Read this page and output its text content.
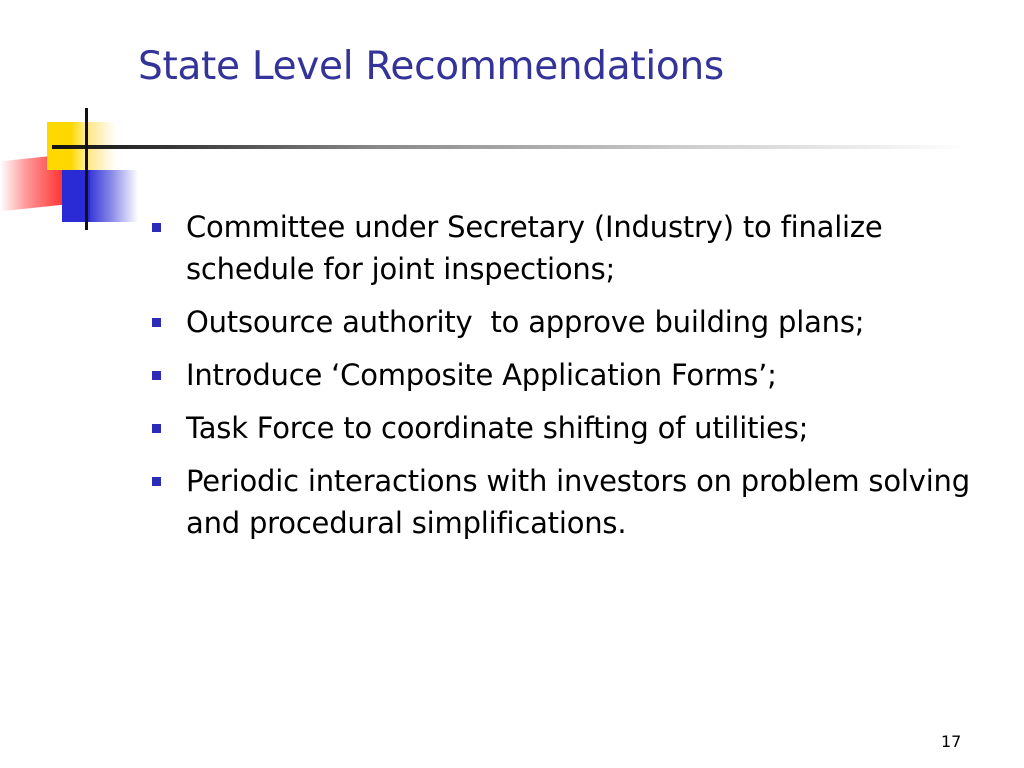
State Level Recommendations
Committee under Secretary (Industry) to finalize schedule for joint inspections;
Outsource authority  to approve building plans;
Introduce ‘Composite Application Forms’;
Task Force to coordinate shifting of utilities;
Periodic interactions with investors on problem solving and procedural simplifications.
17
